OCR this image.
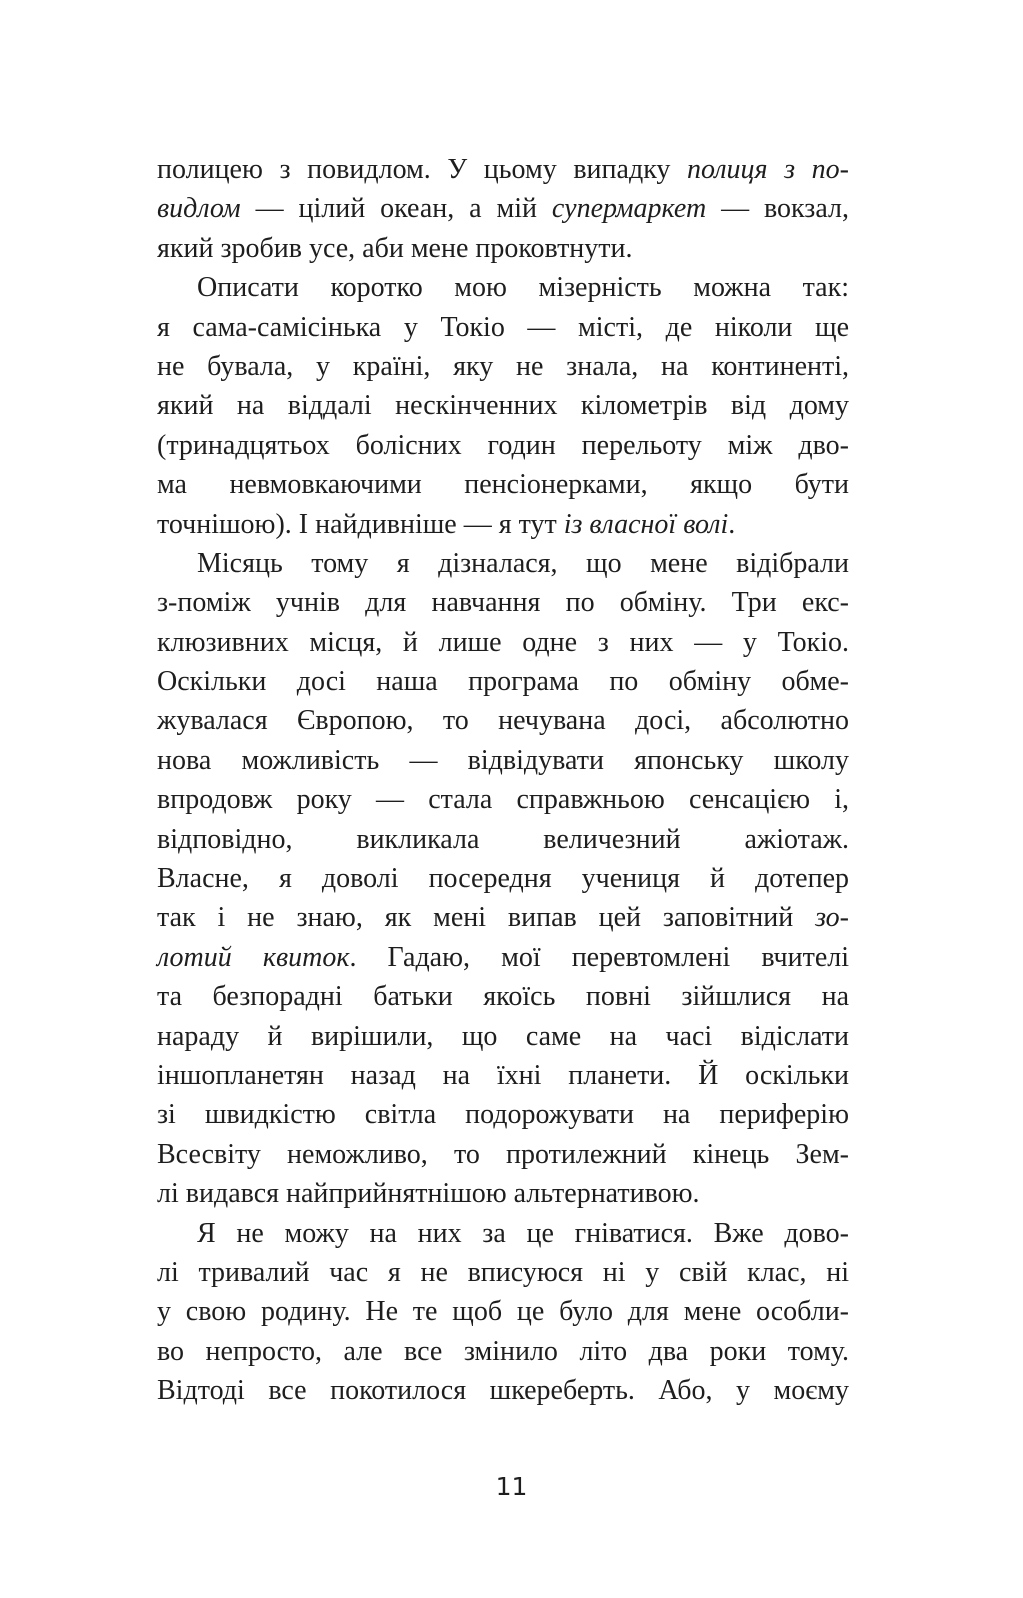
полицею з повидлом. У цьому випадку полиця з по-
видлом — цілий океан, а мій супермаркет — вокзал,
який зробив усе, аби мене проковтнути.
Описати коротко мою мізерність можна так:
я сама-самісінька у Токіо — місті, де ніколи ще
не бувала, у країні, яку не знала, на континенті,
який на віддалі нескінченних кілометрів від дому
(тринадцятьох болісних годин перельоту між дво-
ма невмовкаючими пенсіонерками, якщо бути
точнішою). І найдивніше — я тут із власної волі.
Місяць тому я дізналася, що мене відібрали
з-поміж учнів для навчання по обміну. Три екс-
клюзивних місця, й лише одне з них — у Токіо.
Оскільки досі наша програма по обміну обме-
жувалася Європою, то нечувана досі, абсолютно
нова можливість — відвідувати японську школу
впродовж року — стала справжньою сенсацією і,
відповідно, викликала величезний ажіотаж.
Власне, я доволі посередня учениця й дотепер
так і не знаю, як мені випав цей заповітний зо-
лотий квиток. Гадаю, мої перевтомлені вчителі
та безпорадні батьки якоїсь повні зійшлися на
нараду й вирішили, що саме на часі відіслати
іншопланетян назад на їхні планети. Й оскільки
зі швидкістю світла подорожувати на периферію
Всесвіту неможливо, то протилежний кінець Зем-
лі видався найприйнятнішою альтернативою.
Я не можу на них за це гніватися. Вже дово-
лі тривалий час я не вписуюся ні у свій клас, ні
у свою родину. Не те щоб це було для мене особли-
во непросто, але все змінило літо два роки тому.
Відтоді все покотилося шкереберть. Або, у моєму
11
